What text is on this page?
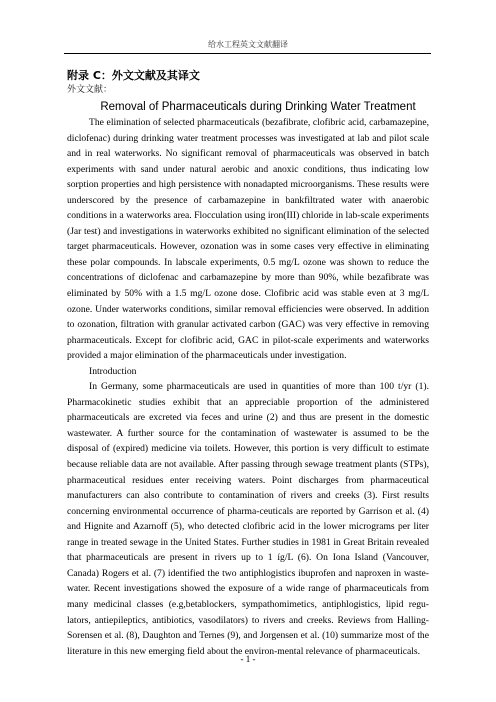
给水工程英文文献翻译

附录 C：外文文献及其译文

外文文献：

Removal of Pharmaceuticals during Drinking Water Treatment

The elimination of selected pharmaceuticals (bezafibrate, clofibric acid, carbamazepine, diclofenac) during drinking water treatment processes was investigated at lab and pilot scale and in real waterworks. No significant removal of pharmaceuticals was observed in batch experiments with sand under natural aerobic and anoxic conditions, thus indicating low sorption properties and high persistence with nonadapted microorganisms. These results were underscored by the presence of carbamazepine in bankfiltrated water with anaerobic conditions in a waterworks area. Flocculation using iron(III) chloride in lab-scale experiments (Jar test) and investigations in waterworks exhibited no significant elimination of the selected target pharmaceuticals. However, ozonation was in some cases very effective in eliminating these polar compounds. In labscale experiments, 0.5 mg/L ozone was shown to reduce the concentrations of diclofenac and carbamazepine by more than 90%, while bezafibrate was eliminated by 50% with a 1.5 mg/L ozone dose. Clofibric acid was stable even at 3 mg/L ozone. Under waterworks conditions, similar removal efficiencies were observed. In addition to ozonation, filtration with granular activated carbon (GAC) was very effective in removing pharmaceuticals. Except for clofibric acid, GAC in pilot-scale experiments and waterworks provided a major elimination of the pharmaceuticals under investigation.

Introduction

In Germany, some pharmaceuticals are used in quantities of more than 100 t/yr (1). Pharmacokinetic studies exhibit that an appreciable proportion of the administered pharmaceuticals are excreted via feces and urine (2) and thus are present in the domestic wastewater. A further source for the contamination of wastewater is assumed to be the disposal of (expired) medicine via toilets. However, this portion is very difficult to estimate because reliable data are not available. After passing through sewage treatment plants (STPs), pharmaceutical residues enter receiving waters. Point discharges from pharmaceutical manufacturers can also contribute to contamination of rivers and creeks (3). First results concerning environmental occurrence of pharma-ceuticals are reported by Garrison et al. (4) and Hignite and Azarnoff (5), who detected clofibric acid in the lower micrograms per liter range in treated sewage in the United States. Further studies in 1981 in Great Britain revealed that pharmaceuticals are present in rivers up to 1 íg/L (6). On Iona Island (Vancouver, Canada) Rogers et al. (7) identified the two antiphlogistics ibuprofen and naproxen in waste-water. Recent investigations showed the exposure of a wide range of pharmaceuticals from many medicinal classes (e.g,betablockers, sympathomimetics, antiphlogistics, lipid regu-lators, antiepileptics, antibiotics, vasodilators) to rivers and creeks. Reviews from Halling-Sorensen et al. (8), Daughton and Ternes (9), and Jorgensen et al. (10) summarize most of the literature in this new emerging field about the environ-mental relevance of pharmaceuticals.

- 1 -
